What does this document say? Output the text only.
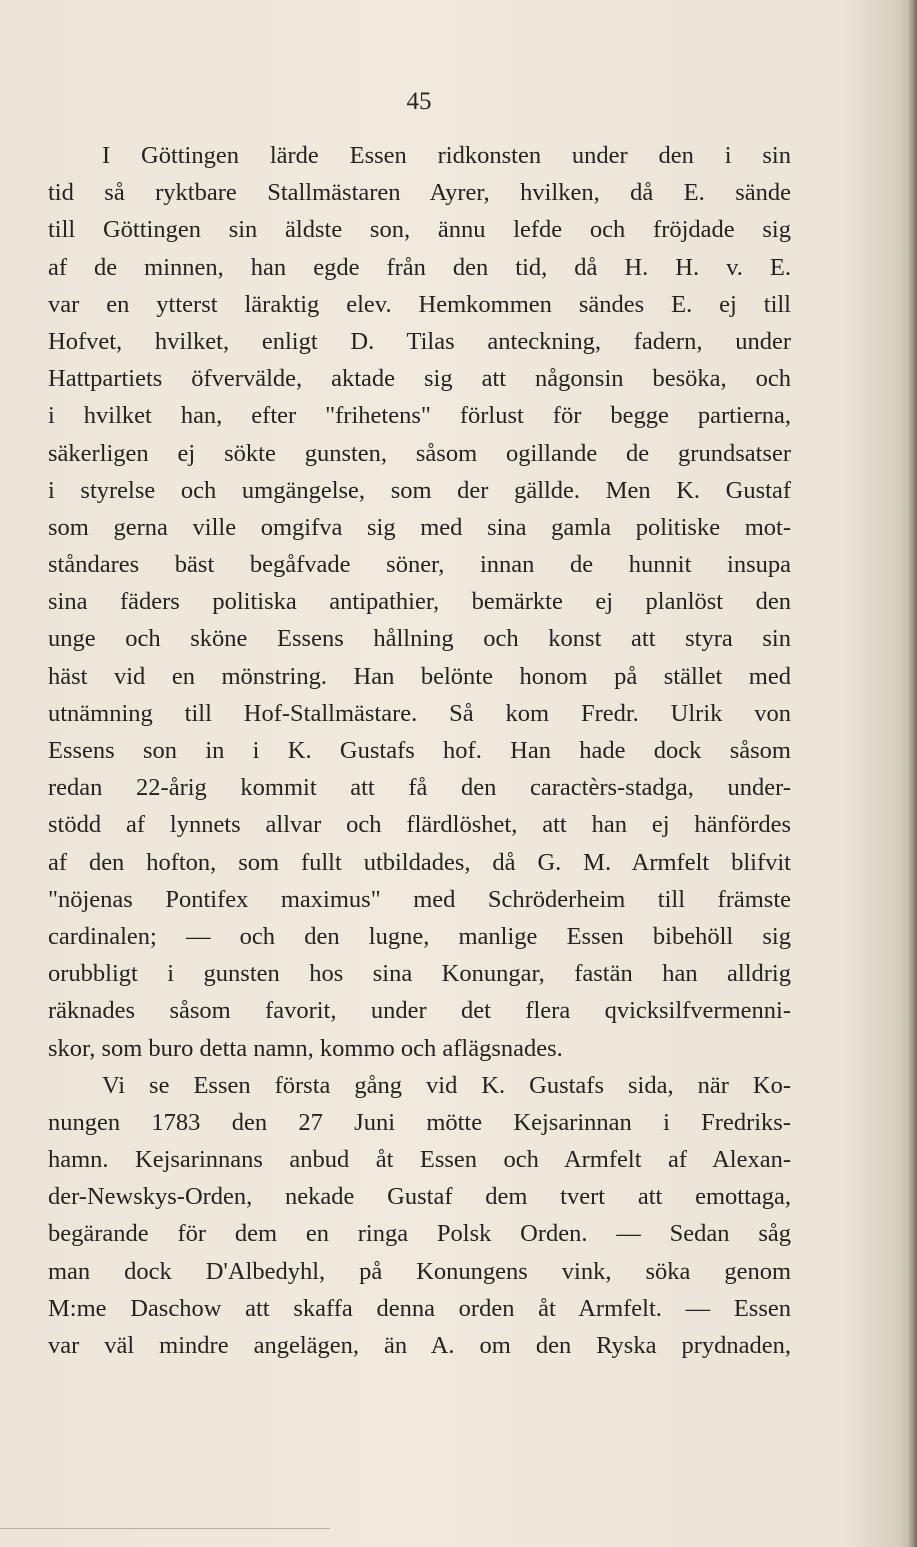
45
I Göttingen lärde Essen ridkonsten under den i sin
tid så ryktbare Stallmästaren Ayrer, hvilken, då E. sände
till Göttingen sin äldste son, ännu lefde och fröjdade sig
af de minnen, han egde från den tid, då H. H. v. E.
var en ytterst läraktig elev. Hemkommen sändes E. ej till
Hofvet, hvilket, enligt D. Tilas anteckning, fadern, under
Hattpartiets öfvervälde, aktade sig att någonsin besöka, och
i hvilket han, efter "frihetens" förlust för begge partierna,
säkerligen ej sökte gunsten, såsom ogillande de grundsatser
i styrelse och umgängelse, som der gällde. Men K. Gustaf
som gerna ville omgifva sig med sina gamla politiske mot-
ståndares bäst begåfvade söner, innan de hunnit insupa
sina fäders politiska antipathier, bemärkte ej planlöst den
unge och sköne Essens hållning och konst att styra sin
häst vid en mönstring. Han belönte honom på stället med
utnämning till Hof-Stallmästare. Så kom Fredr. Ulrik von
Essens son in i K. Gustafs hof. Han hade dock såsom
redan 22-årig kommit att få den caractèrs-stadga, under-
stödd af lynnets allvar och flärdlöshet, att han ej hänfördes
af den hofton, som fullt utbildades, då G. M. Armfelt blifvit
"nöjenas Pontifex maximus" med Schröderheim till främste
cardinalen; — och den lugne, manlige Essen bibehöll sig
orubbligt i gunsten hos sina Konungar, fastän han alldrig
räknades såsom favorit, under det flera qvicksilfvermenni-
skor, som buro detta namn, kommo och aflägsnades.
Vi se Essen första gång vid K. Gustafs sida, när Ko-
nungen 1783 den 27 Juni mötte Kejsarinnan i Fredriks-
hamn. Kejsarinnans anbud åt Essen och Armfelt af Alexan-
der-Newskys-Orden, nekade Gustaf dem tvert att emottaga,
begärande för dem en ringa Polsk Orden. — Sedan såg
man dock D'Albedyhl, på Konungens vink, söka genom
M:me Daschow att skaffa denna orden åt Armfelt. — Essen
var väl mindre angelägen, än A. om den Ryska prydnaden,
